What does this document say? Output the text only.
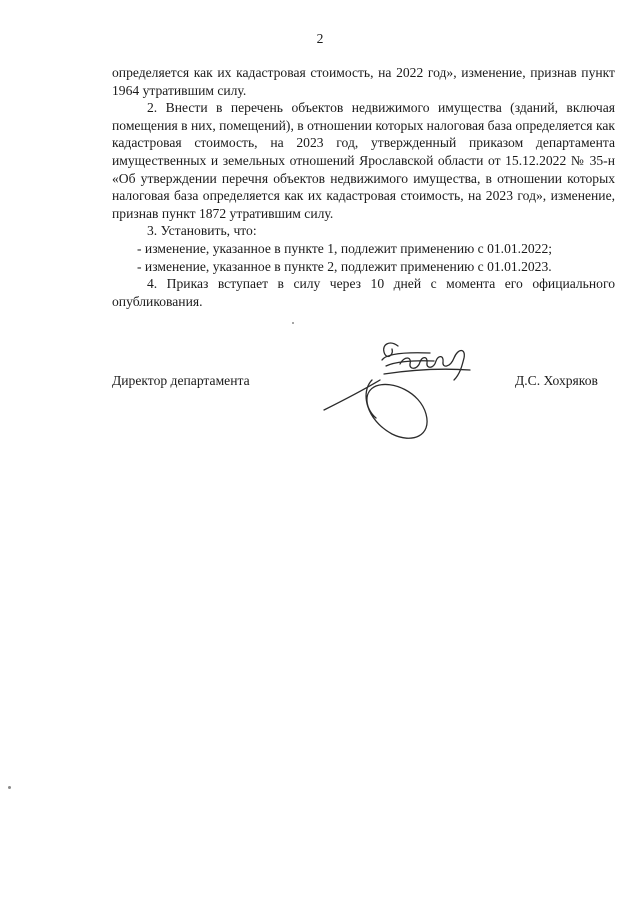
2

определяется как их кадастровая стоимость, на 2022 год», изменение, признав пункт 1964 утратившим силу.

2. Внести в перечень объектов недвижимого имущества (зданий, включая помещения в них, помещений), в отношении которых налоговая база определяется как кадастровая стоимость, на 2023 год, утвержденный приказом департамента имущественных и земельных отношений Ярославской области от 15.12.2022 № 35-н «Об утверждении перечня объектов недвижимого имущества, в отношении которых налоговая база определяется как их кадастровая стоимость, на 2023 год», изменение, признав пункт 1872 утратившим силу.

3. Установить, что:

- изменение, указанное в пункте 1, подлежит применению с 01.01.2022;

- изменение, указанное в пункте 2, подлежит применению с 01.01.2023.

4. Приказ вступает в силу через 10 дней с момента его официального опубликования.

Директор департамента	Д.С. Хохряков
